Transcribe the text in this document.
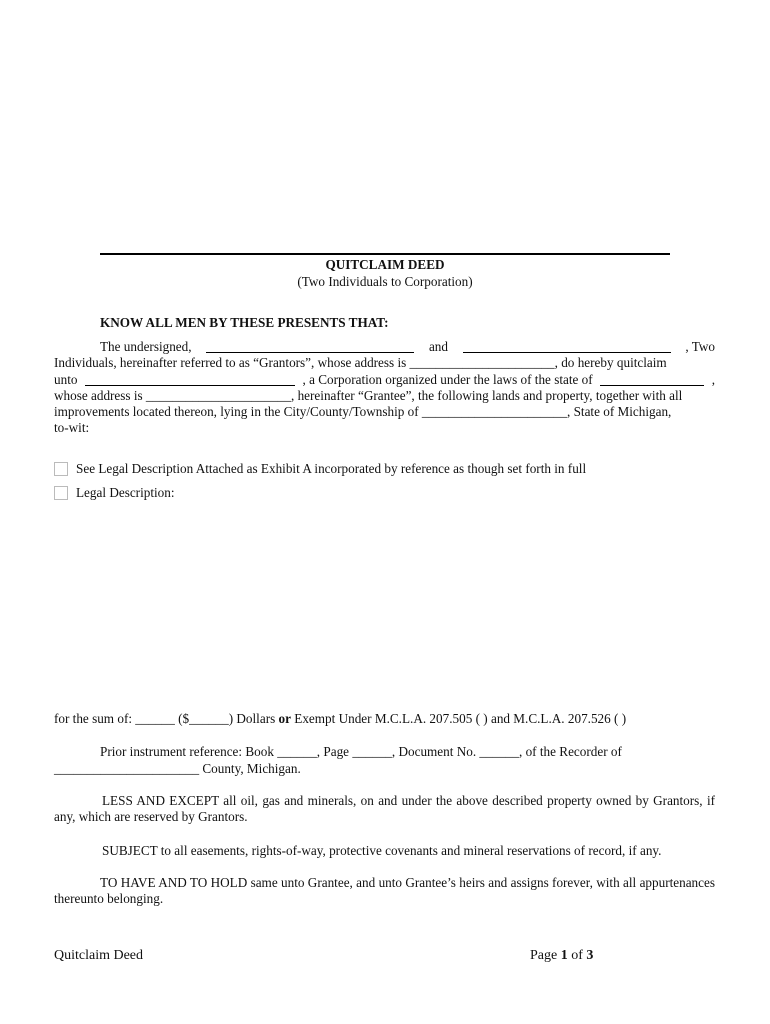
QUITCLAIM DEED
(Two Individuals to Corporation)
KNOW ALL MEN BY THESE PRESENTS THAT:
The undersigned,	and	, Two
Individuals, hereinafter referred to as “Grantors”, whose address is ______________________, do hereby quitclaim
unto	, a Corporation organized under the laws of the state of	,
whose address is ______________________, hereinafter “Grantee”, the following lands and property, together with all
improvements located thereon, lying in the City/County/Township of ______________________, State of Michigan,
to-wit:
See Legal Description Attached as Exhibit A incorporated by reference as though set forth in full
Legal Description:
for the sum of: ______ ($______) Dollars or Exempt Under M.C.L.A. 207.505 ( ) and M.C.L.A. 207.526 ( )
Prior instrument reference: Book ______, Page ______, Document No. ______, of the Recorder of
______________________ County, Michigan.
LESS AND EXCEPT all oil, gas and minerals, on and under the above described property owned by Grantors, if any, which are reserved by Grantors.
SUBJECT to all easements, rights-of-way, protective covenants and mineral reservations of record, if any.
TO HAVE AND TO HOLD same unto Grantee, and unto Grantee’s heirs and assigns forever, with all appurtenances thereunto belonging.
Quitclaim Deed	Page 1 of 3
